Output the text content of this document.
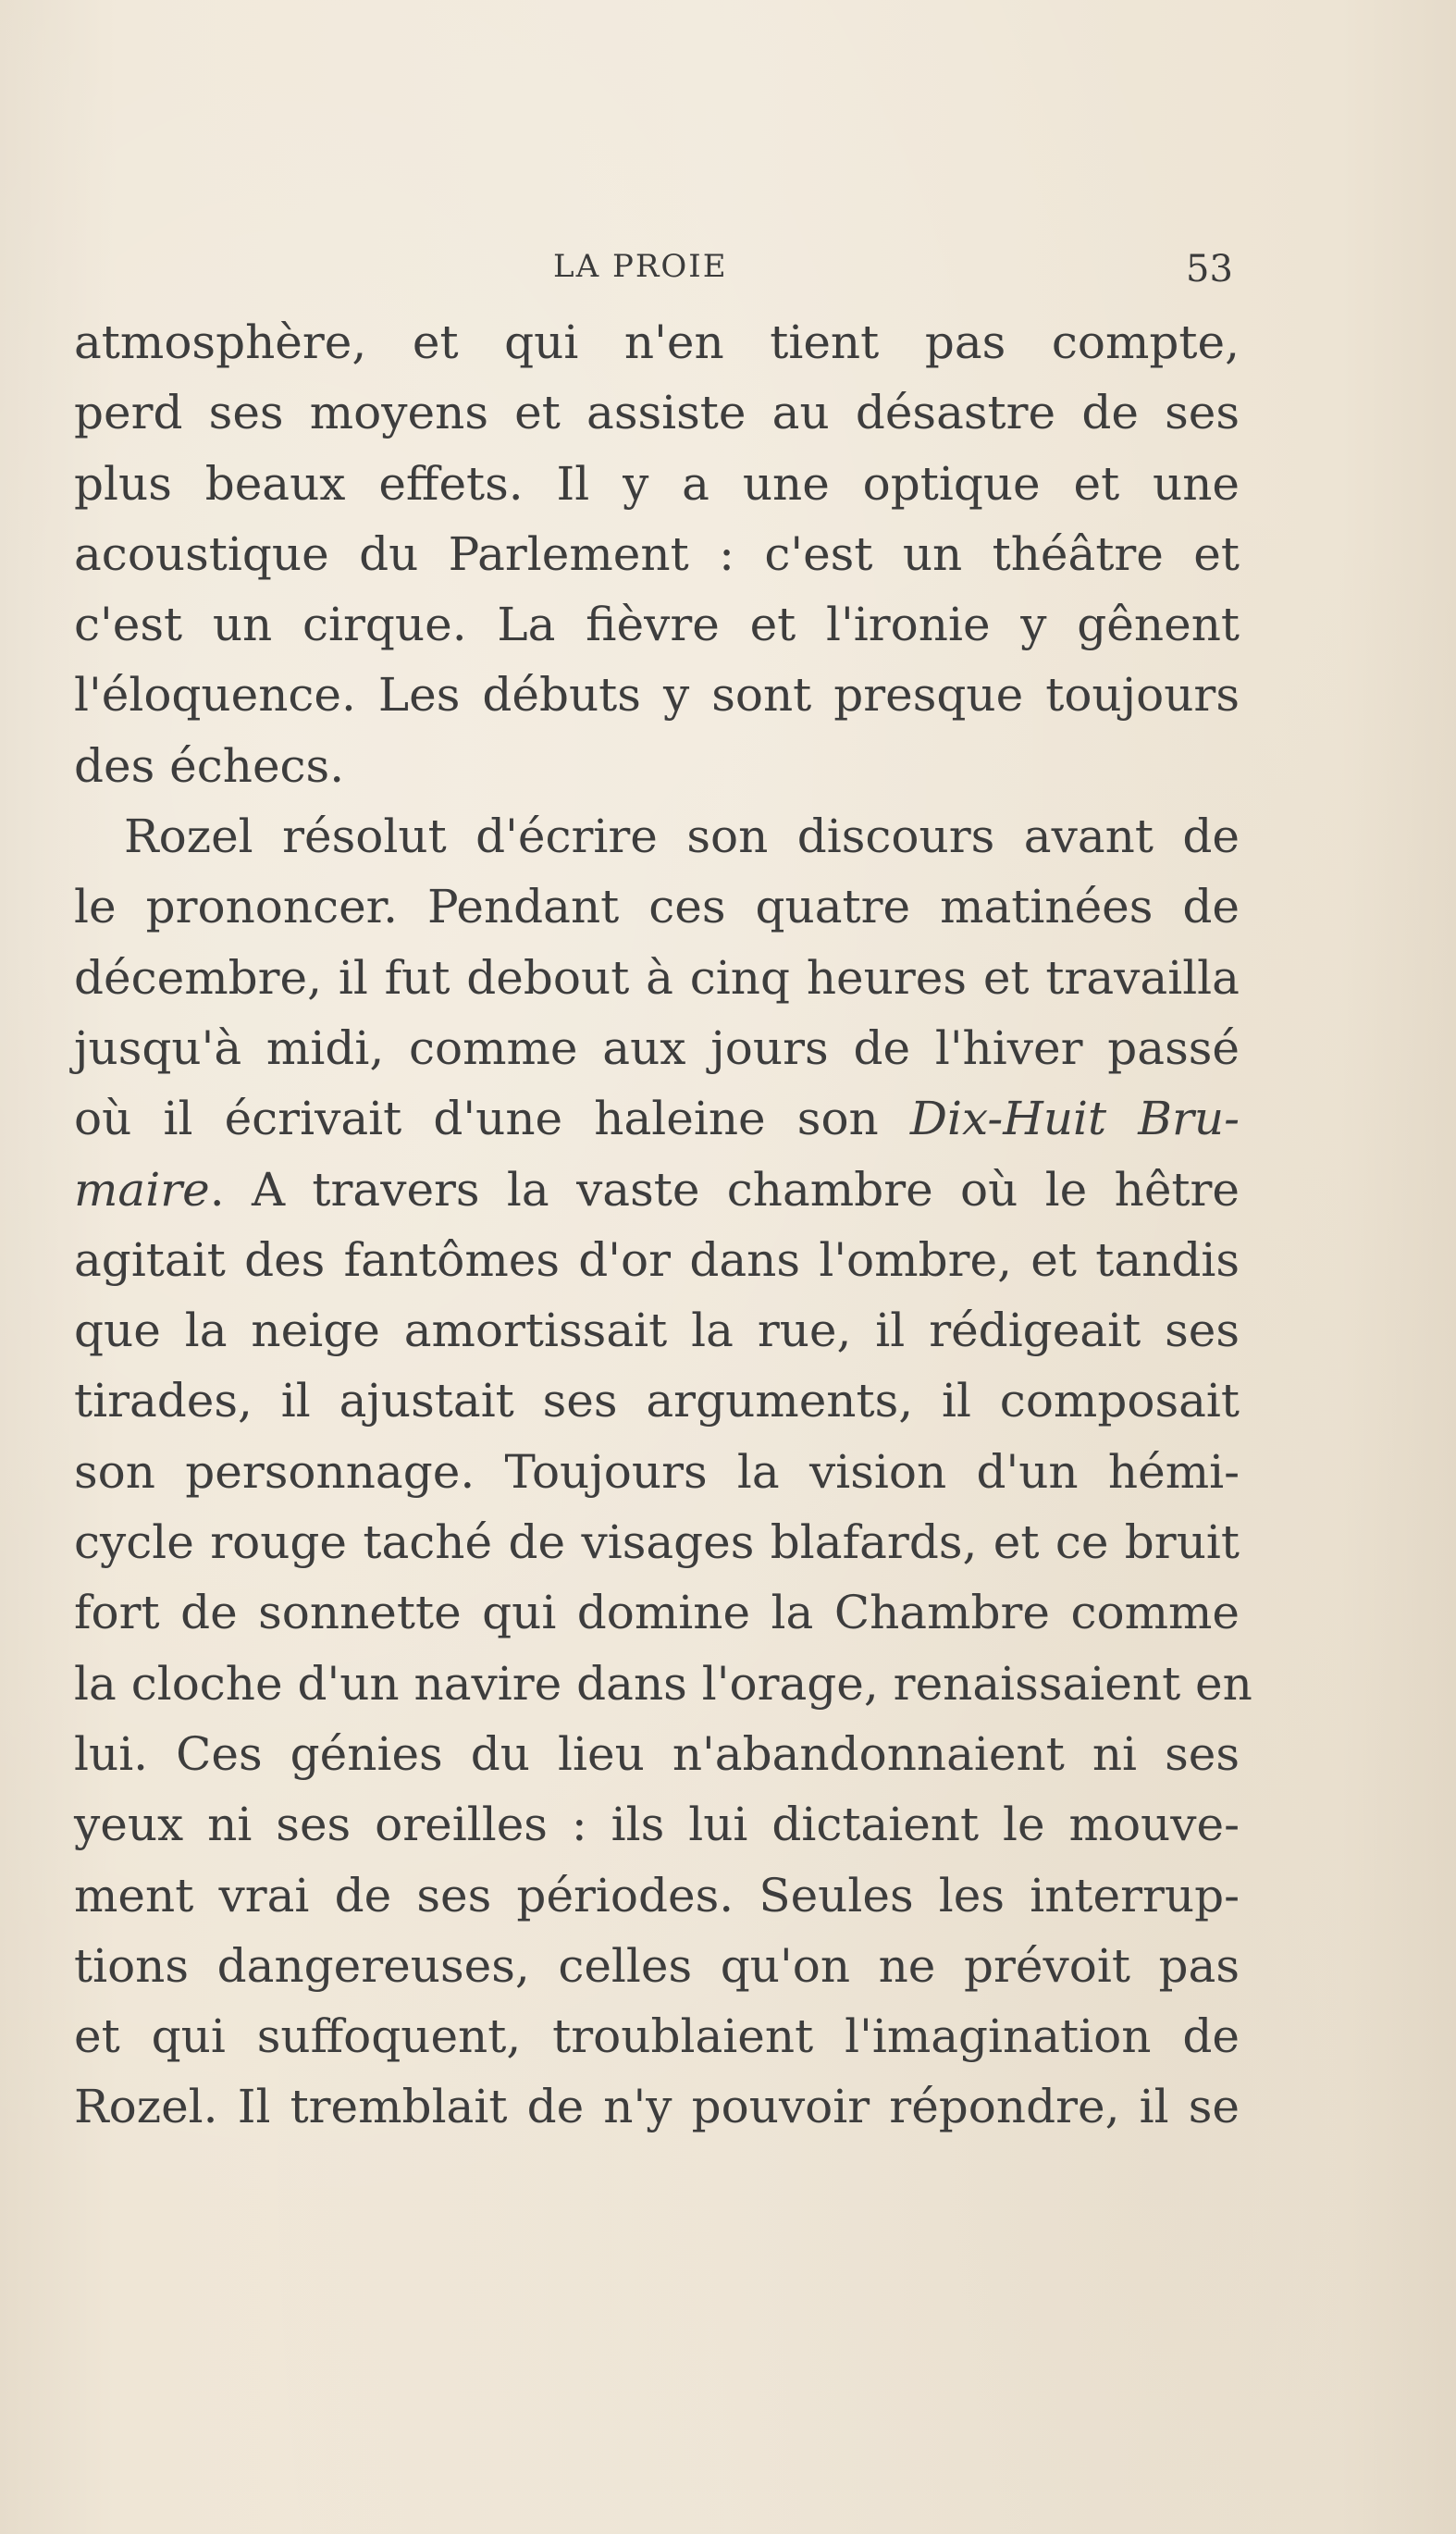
LA PROIE	53
atmosphère, et qui n'en tient pas compte,
perd ses moyens et assiste au désastre de ses
plus beaux effets. Il y a une optique et une
acoustique du Parlement : c'est un théâtre et
c'est un cirque. La fièvre et l'ironie y gênent
l'éloquence. Les débuts y sont presque toujours
des échecs.
Rozel résolut d'écrire son discours avant de
le prononcer. Pendant ces quatre matinées de
décembre, il fut debout à cinq heures et travailla
jusqu'à midi, comme aux jours de l'hiver passé
où il écrivait d'une haleine son Dix-Huit Bru-
maire. A travers la vaste chambre où le hêtre
agitait des fantômes d'or dans l'ombre, et tandis
que la neige amortissait la rue, il rédigeait ses
tirades, il ajustait ses arguments, il composait
son personnage. Toujours la vision d'un hémi-
cycle rouge taché de visages blafards, et ce bruit
fort de sonnette qui domine la Chambre comme
la cloche d'un navire dans l'orage, renaissaient en
lui. Ces génies du lieu n'abandonnaient ni ses
yeux ni ses oreilles : ils lui dictaient le mouve-
ment vrai de ses périodes. Seules les interrup-
tions dangereuses, celles qu'on ne prévoit pas
et qui suffoquent, troublaient l'imagination de
Rozel. Il tremblait de n'y pouvoir répondre, il se
